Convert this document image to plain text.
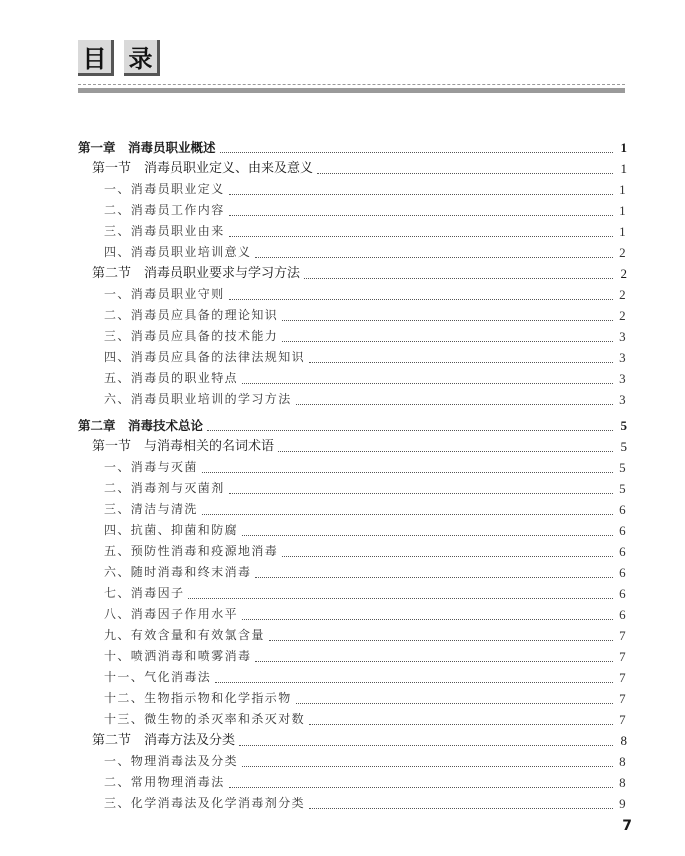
目 录
第一章　消毒员职业概述	1
第一节　消毒员职业定义、由来及意义	1
一、消毒员职业定义	1
二、消毒员工作内容	1
三、消毒员职业由来	1
四、消毒员职业培训意义	2
第二节　消毒员职业要求与学习方法	2
一、消毒员职业守则	2
二、消毒员应具备的理论知识	2
三、消毒员应具备的技术能力	3
四、消毒员应具备的法律法规知识	3
五、消毒员的职业特点	3
六、消毒员职业培训的学习方法	3
第二章　消毒技术总论	5
第一节　与消毒相关的名词术语	5
一、消毒与灭菌	5
二、消毒剂与灭菌剂	5
三、清洁与清洗	6
四、抗菌、抑菌和防腐	6
五、预防性消毒和疫源地消毒	6
六、随时消毒和终末消毒	6
七、消毒因子	6
八、消毒因子作用水平	6
九、有效含量和有效氯含量	7
十、喷洒消毒和喷雾消毒	7
十一、气化消毒法	7
十二、生物指示物和化学指示物	7
十三、微生物的杀灭率和杀灭对数	7
第二节　消毒方法及分类	8
一、物理消毒法及分类	8
二、常用物理消毒法	8
三、化学消毒法及化学消毒剂分类	9
7
